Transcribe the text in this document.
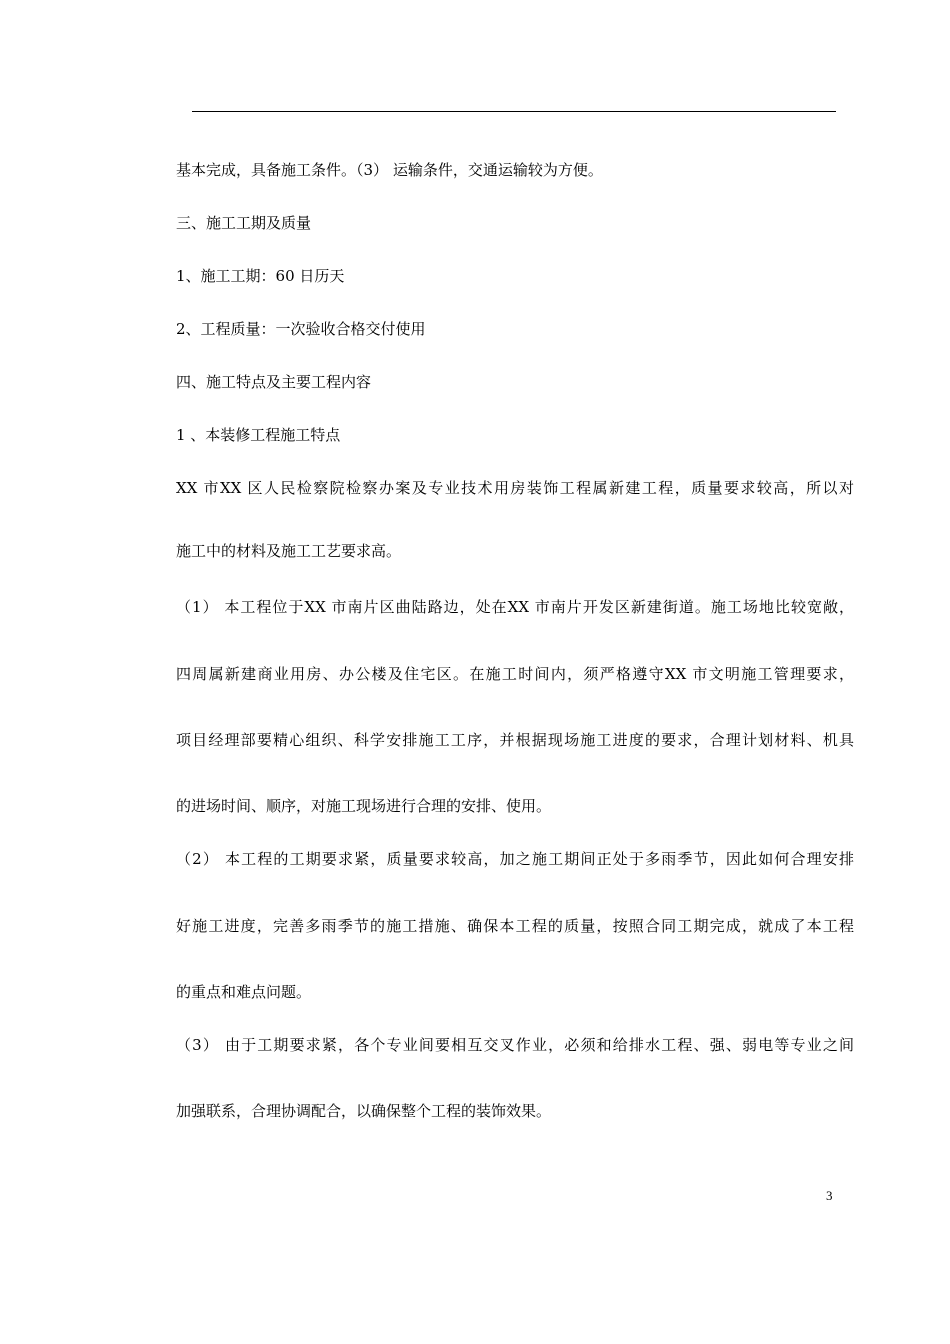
基本完成，具备施工条件。（3） 运输条件，交通运输较为方便。
三、施工工期及质量
1、施工工期：60 日历天
2、工程质量：一次验收合格交付使用
四、施工特点及主要工程内容
1 、本装修工程施工特点
XX 市XX 区人民检察院检察办案及专业技术用房装饰工程属新建工程，质量要求较高，所以对
施工中的材料及施工工艺要求高。
（1） 本工程位于XX 市南片区曲陆路边，处在XX 市南片开发区新建街道。施工场地比较宽敞，
四周属新建商业用房、办公楼及住宅区。在施工时间内，须严格遵守XX 市文明施工管理要求，
项目经理部要精心组织、科学安排施工工序，并根据现场施工进度的要求，合理计划材料、机具
的进场时间、顺序，对施工现场进行合理的安排、使用。
（2） 本工程的工期要求紧，质量要求较高，加之施工期间正处于多雨季节，因此如何合理安排
好施工进度，完善多雨季节的施工措施、确保本工程的质量，按照合同工期完成，就成了本工程
的重点和难点问题。
（3） 由于工期要求紧，各个专业间要相互交叉作业，必须和给排水工程、强、弱电等专业之间
加强联系，合理协调配合，以确保整个工程的装饰效果。
3
